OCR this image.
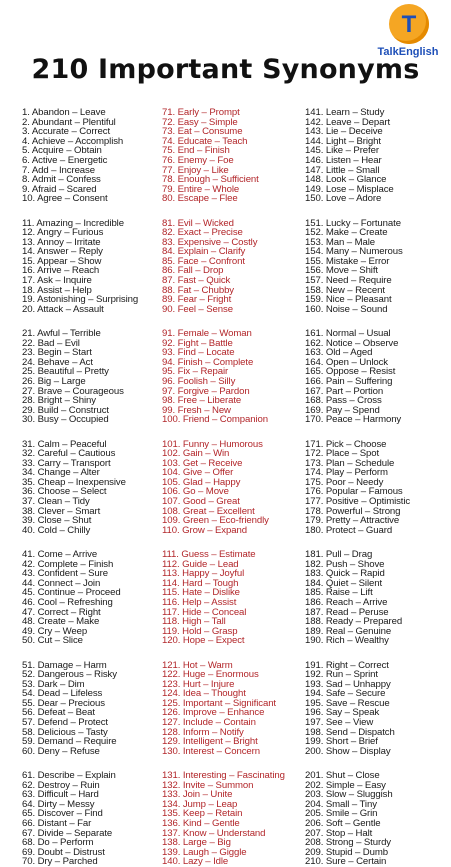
T
TalkEnglish
210 Important Synonyms
1. Abandon – Leave
2. Abundant – Plentiful
3. Accurate – Correct
4. Achieve – Accomplish
5. Acquire – Obtain
6. Active – Energetic
7. Add – Increase
8. Admit – Confess
9. Afraid – Scared
10. Agree – Consent
11. Amazing – Incredible
12. Angry – Furious
13. Annoy – Irritate
14. Answer – Reply
15. Appear – Show
16. Arrive – Reach
17. Ask – Inquire
18. Assist – Help
19. Astonishing – Surprising
20. Attack – Assault
21. Awful – Terrible
22. Bad – Evil
23. Begin – Start
24. Behave – Act
25. Beautiful – Pretty
26. Big – Large
27. Brave – Courageous
28. Bright – Shiny
29. Build – Construct
30. Busy – Occupied
31. Calm – Peaceful
32. Careful – Cautious
33. Carry – Transport
34. Change – Alter
35. Cheap – Inexpensive
36. Choose – Select
37. Clean – Tidy
38. Clever – Smart
39. Close – Shut
40. Cold – Chilly
41. Come – Arrive
42. Complete – Finish
43. Confident – Sure
44. Connect – Join
45. Continue – Proceed
46. Cool – Refreshing
47. Correct – Right
48. Create – Make
49. Cry – Weep
50. Cut – Slice
51. Damage – Harm
52. Dangerous – Risky
53. Dark – Dim
54. Dead – Lifeless
55. Dear – Precious
56. Defeat – Beat
57. Defend – Protect
58. Delicious – Tasty
59. Demand – Require
60. Deny – Refuse
61. Describe – Explain
62. Destroy – Ruin
63. Difficult – Hard
64. Dirty – Messy
65. Discover – Find
66. Distant – Far
67. Divide – Separate
68. Do – Perform
69. Doubt – Distrust
70. Dry – Parched
71. Early – Prompt
72. Easy – Simple
73. Eat – Consume
74. Educate – Teach
75. End – Finish
76. Enemy – Foe
77. Enjoy – Like
78. Enough – Sufficient
79. Entire – Whole
80. Escape – Flee
81. Evil – Wicked
82. Exact – Precise
83. Expensive – Costly
84. Explain – Clarify
85. Face – Confront
86. Fall – Drop
87. Fast – Quick
88. Fat – Chubby
89. Fear – Fright
90. Feel – Sense
91. Female – Woman
92. Fight – Battle
93. Find – Locate
94. Finish – Complete
95. Fix – Repair
96. Foolish – Silly
97. Forgive – Pardon
98. Free – Liberate
99. Fresh – New
100. Friend – Companion
101. Funny – Humorous
102. Gain – Win
103. Get – Receive
104. Give – Offer
105. Glad – Happy
106. Go – Move
107. Good – Great
108. Great – Excellent
109. Green – Eco-friendly
110. Grow – Expand
111. Guess – Estimate
112. Guide – Lead
113. Happy – Joyful
114. Hard – Tough
115. Hate – Dislike
116. Help – Assist
117. Hide – Conceal
118. High – Tall
119. Hold – Grasp
120. Hope – Expect
121. Hot – Warm
122. Huge – Enormous
123. Hurt – Injure
124. Idea – Thought
125. Important – Significant
126. Improve – Enhance
127. Include – Contain
128. Inform – Notify
129. Intelligent – Bright
130. Interest – Concern
131. Interesting – Fascinating
132. Invite – Summon
133. Join – Unite
134. Jump – Leap
135. Keep – Retain
136. Kind – Gentle
137. Know – Understand
138. Large – Big
139. Laugh – Giggle
140. Lazy – Idle
141. Learn – Study
142. Leave – Depart
143. Lie – Deceive
144. Light – Bright
145. Like – Prefer
146. Listen – Hear
147. Little – Small
148. Look – Glance
149. Lose – Misplace
150. Love – Adore
151. Lucky – Fortunate
152. Make – Create
153. Man – Male
154. Many – Numerous
155. Mistake – Error
156. Move – Shift
157. Need – Require
158. New – Recent
159. Nice – Pleasant
160. Noise – Sound
161. Normal – Usual
162. Notice – Observe
163. Old – Aged
164. Open – Unlock
165. Oppose – Resist
166. Pain – Suffering
167. Part – Portion
168. Pass – Cross
169. Pay – Spend
170. Peace – Harmony
171. Pick – Choose
172. Place – Spot
173. Plan – Schedule
174. Play – Perform
175. Poor – Needy
176. Popular – Famous
177. Positive – Optimistic
178. Powerful – Strong
179. Pretty – Attractive
180. Protect – Guard
181. Pull – Drag
182. Push – Shove
183. Quick – Rapid
184. Quiet – Silent
185. Raise – Lift
186. Reach – Arrive
187. Read – Peruse
188. Ready – Prepared
189. Real – Genuine
190. Rich – Wealthy
191. Right – Correct
192. Run – Sprint
193. Sad – Unhappy
194. Safe – Secure
195. Save – Rescue
196. Say – Speak
197. See – View
198. Send – Dispatch
199. Short – Brief
200. Show – Display
201. Shut – Close
202. Simple – Easy
203. Slow – Sluggish
204. Small – Tiny
205. Smile – Grin
206. Soft – Gentle
207. Stop – Halt
208. Strong – Sturdy
209. Stupid – Dumb
210. Sure – Certain
